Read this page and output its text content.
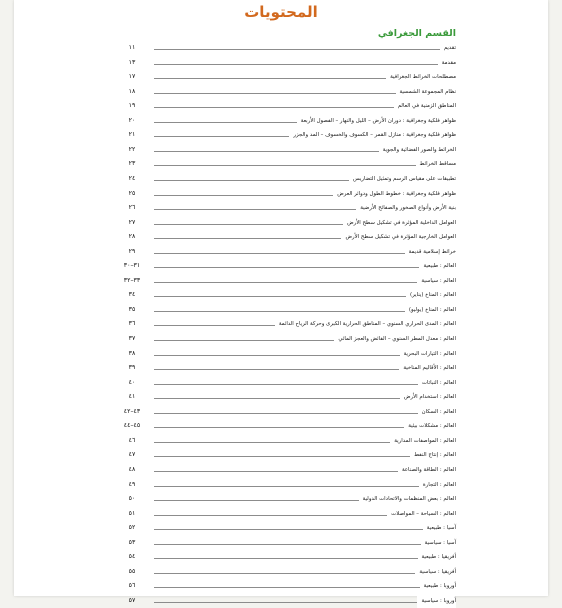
المحتويات
القسم الجغرافي
تقديم
١١
مقدمة
١٣
مصطلحات الخرائط الجغرافية
١٧
نظام المجموعة الشمسية
١٨
المناطق الزمنية في العالم
١٩
ظواهر فلكية وجغرافية : دوران الأرض – الليل والنهار – الفصول الأربعة
٢٠
ظواهر فلكية وجغرافية : منازل القمر – الكسوف والخسوف – المد والجزر
٢١
الخرائط والصور الفضائية والجوية
٢٢
مساقط الخرائط
٢٣
تطبيقات على مقياس الرسم وتمثيل التضاريس
٢٤
ظواهر فلكية وجغرافية : خطوط الطول ودوائر العرض
٢٥
بنية الأرض وأنواع الصخور والصفائح الأرضية
٢٦
العوامل الداخلية المؤثرة في تشكيل سطح الأرض
٢٧
العوامل الخارجية المؤثرة في تشكيل سطح الأرض
٢٨
خرائط إسلامية قديمة
٢٩
العالم : طبيعية
٣١–٣٠
العالم : سياسية
٣٣–٣٢
العالم : المناخ (يناير)
٣٤
العالم : المناخ (يوليو)
٣٥
العالم : المدى الحراري السنوي – المناطق الحرارية الكبرى وحركة الرياح الدائمة
٣٦
العالم : معدل المطر السنوي – الفائض والعجز المائي
٣٧
العالم : التيارات البحرية
٣٨
العالم : الأقاليم المناخية
٣٩
العالم : النباتات
٤٠
العالم : استخدام الأرض
٤١
العالم : السكان
٤٣–٤٢
العالم : مشكلات بيئية
٤٥–٤٤
العالم : المواصفات المدارية
٤٦
العالم : إنتاج النفط
٤٧
العالم : الطاقة والصناعة
٤٨
العالم : التجارة
٤٩
العالم : بعض المنظمات والاتحادات الدولية
٥٠
العالم : السياحة – المواصلات
٥١
آسيا : طبيعية
٥٢
آسيا : سياسية
٥٣
أفريقيا : طبيعية
٥٤
أفريقيا : سياسية
٥٥
أوروبا : طبيعية
٥٦
أوروبا : سياسية
٥٧
